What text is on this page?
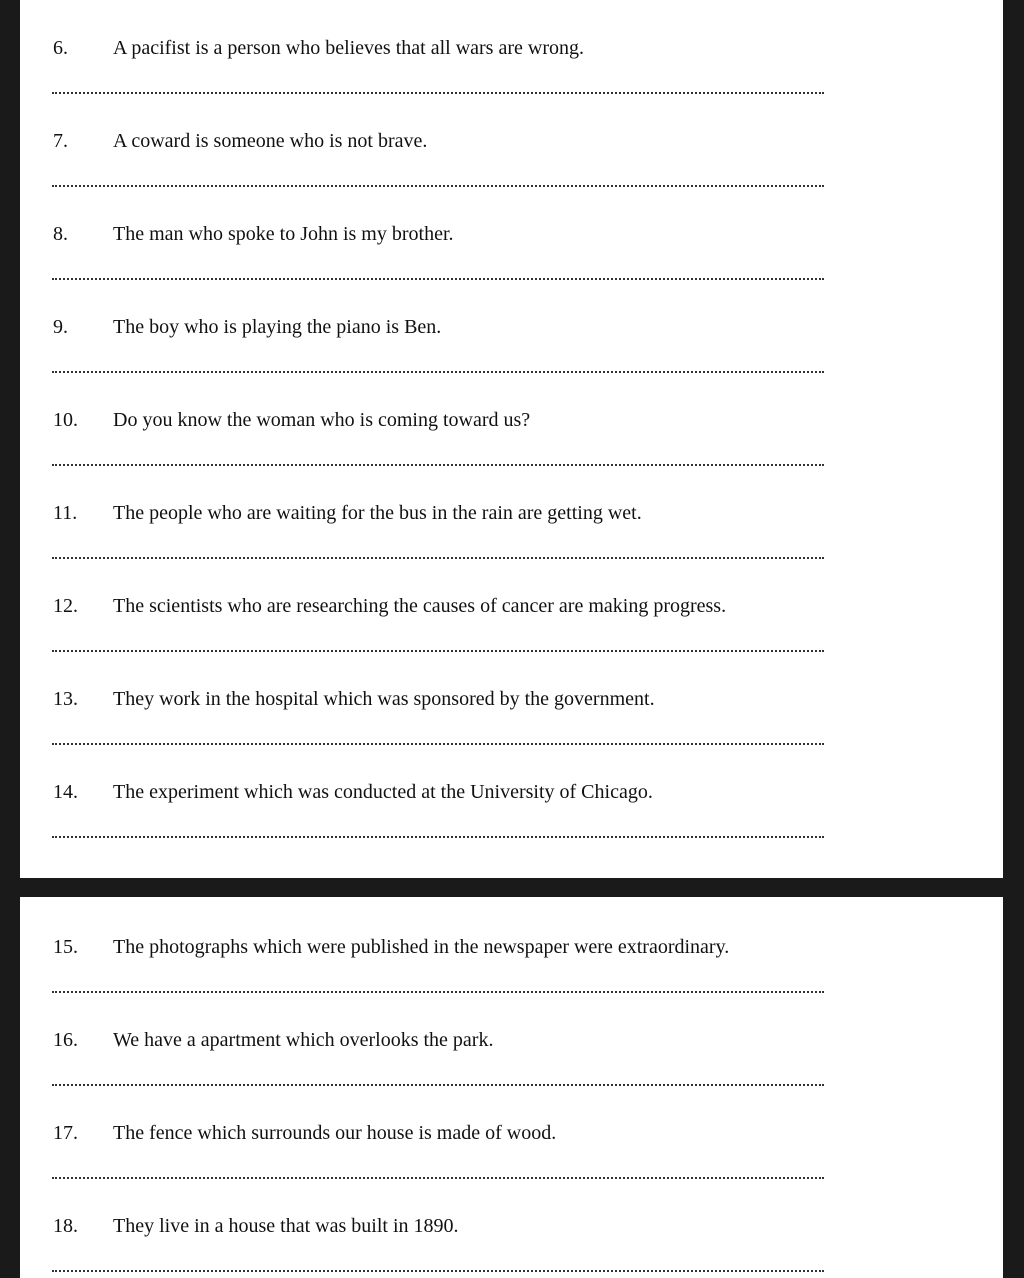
6. A pacifist is a person who believes that all wars are wrong.
7. A coward is someone who is not brave.
8. The man who spoke to John is my brother.
9. The boy who is playing the piano is Ben.
10. Do you know the woman who is coming toward us?
11. The people who are waiting for the bus in the rain are getting wet.
12. The scientists who are researching the causes of cancer are making progress.
13. They work in the hospital which was sponsored by the government.
14. The experiment which was conducted at the University of Chicago.
15. The photographs which were published in the newspaper were extraordinary.
16. We have a apartment which overlooks the park.
17. The fence which surrounds our house is made of wood.
18. They live in a house that was built in 1890.
